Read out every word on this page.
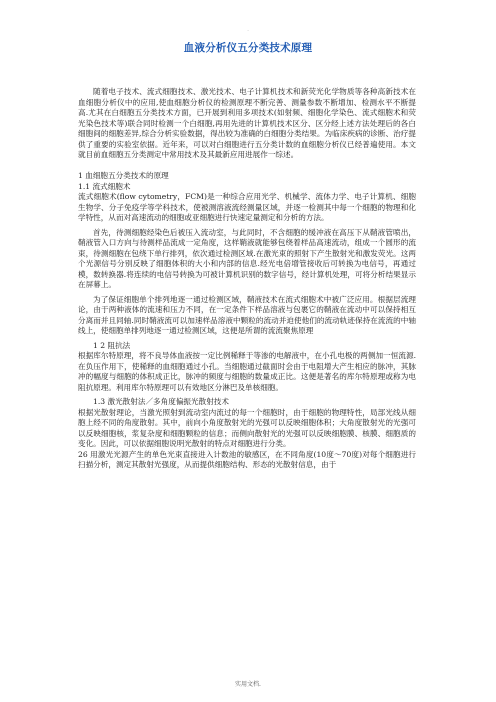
.
血液分析仪五分类技术原理

随着电子技术、流式细胞技术、激光技术、电子计算机技术和新荧光化学物质等各种高新技术在血细胞分析仪中的应用,使血细胞分析仪的检测原理不断完善、测量参数不断增加、检测水平不断提高.尤其在白细胞五分类技术方面，已开展到利用多项技术(如射频、细胞化学染色、流式细胞术和荧光染色技术等)联合同时检测一个白细胞,再用先进的计算机技术区分、区分经上述方法处理后的各白细胞间的细胞差异,综合分析实验数据，得出较为准确的白细胞分类结果。为临床疾病的诊断、治疗提供了重要的实验室依据。近年来，可以对白细胞进行五分类计数的血细胞分析仪已经普遍使用。本文就目前血细胞五分类测定中常用技术及其最新应用进展作一综述。

1 血细胞五分类技术的原理

1.1 流式细胞术

流式细胞术(flow cytometry，FCM)是一种综合应用光学、机械学、流体力学、电子计算机、细胞生物学、分子免疫学等学科技术，使被测溶液流经测量区域，并逐一检测其中每一个细胞的物理和化学特性，从而对高速流动的细胞或亚细胞进行快速定量测定和分析的方法。

首先，待测细胞经染色后被压入流动室，与此同时，不含细胞的缓冲液在高压下从鞘液管喷出，鞘液管入口方向与待测样品流成一定角度，这样鞘液就能够包绕着样品高速流动，组成一个圆形的流束，待测细胞在包绕下单行排列，依次通过检测区域.在激光束的照射下产生散射光和激发荧光。这两个光源信号分别反映了细胞体积的大小和内部的信息.经光电倍增管接收后可转换为电信号，再通过模，数转换器.将连续的电信号转换为可被计算机识别的数字信号，经计算机处理，可将分析结果显示在屏幕上。

为了保证细胞单个排列地逐一通过检测区域，鞘液技术在流式细胞术中被广泛应用。根据层流理论，由于两种液体的流速和压力不同，在一定条件下样品溶液与包裹它的鞘液在流动中可以保持相互分离而并且同轴.同时鞘液流可以加速样品溶液中颗粒的流动并迫使他们的流动轨迹保持在流流的中轴线上，使细胞单排列地逐一通过检测区域，这便是所谓的流流聚焦原理

1 2 阻抗法

根据库尔特原理，将不良导体血液按一定比例稀释于等渗的电解液中，在小孔电极的两侧加一恒流源.在负压作用下，使稀释的血细胞通过小孔。当细胞通过截面时会由于电阻增大产生相应的脉冲，其脉冲的幅度与细胞的体积成正比，脉冲的频度与细胞的数量成正比。这便是著名的库尔特原理或称为电阻抗原理。利用库尔特原理可以有效地区分淋巴及单核细胞。

1.3 激光散射法／多角度偏振光散射技术

根据光散射理论，当激光照射到流动室内流过的每一个细胞时，由于细胞的物理特性，局部光线从细胞上经不同的角度散射。其中，前向小角度散射光的光强可以反映细胞体积；大角度散射光的光强可以反映细胞核，浆复杂度和细胞颗粒的信息；而侧向散射光的光强可以反映细胞膜、核膜、细胞质的变化。因此，可以依据细胞说明光散射的特点对细胞进行分类。

26 用激光光源产生的单色光束直接进入计数池的敏感区，在不同角度(10度～70度)对每个细胞进行扫描分析，测定其散射光强度，从而提供细胞结构、形态的光散射信息，由于

实用文档.
